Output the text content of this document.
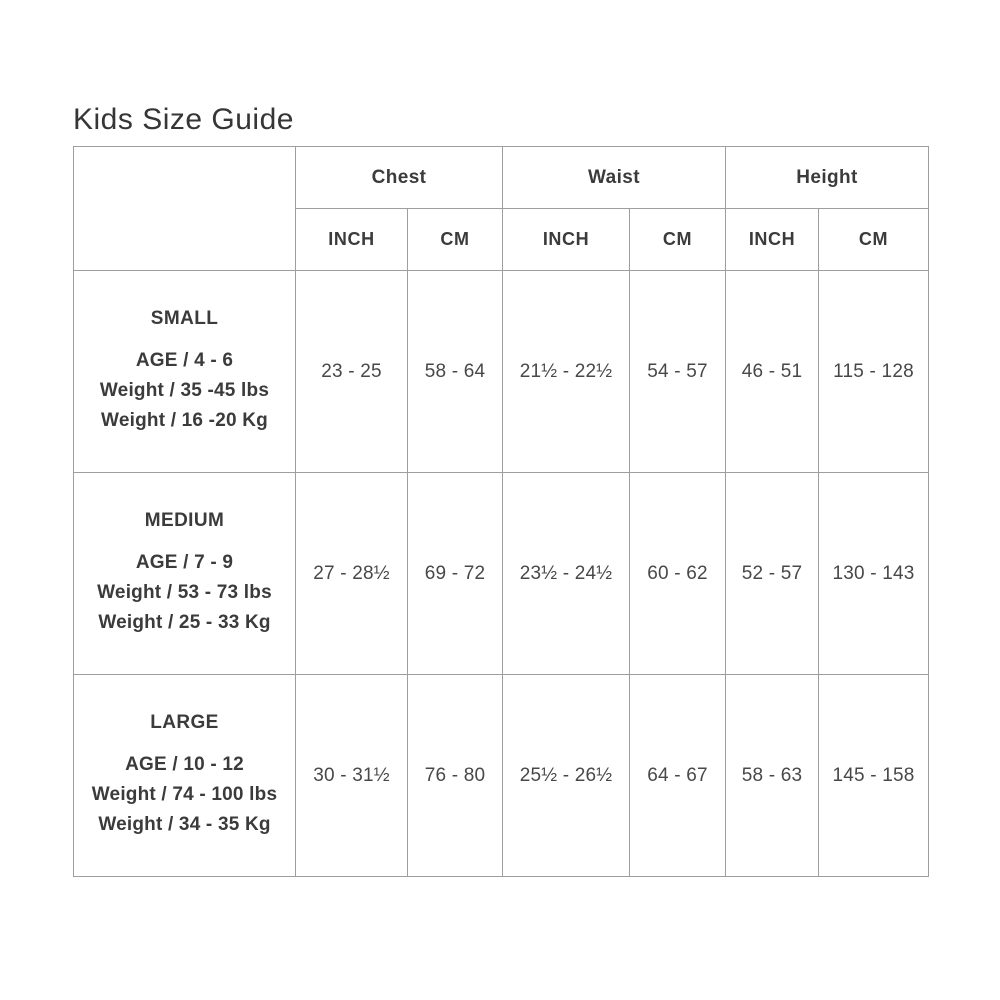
Kids Size Guide
	Chest		Waist		Height	
	INCH	CM	INCH	CM	INCH	CM

SMALL
AGE / 4 - 6
Weight / 35 -45 lbs
Weight / 16 -20 Kg	23 - 25	58 - 64	21½ - 22½	54 - 57	46 - 51	115 - 128

MEDIUM
AGE / 7 - 9
Weight / 53 - 73 lbs
Weight / 25 - 33 Kg	27 - 28½	69 - 72	23½ - 24½	60 - 62	52 - 57	130 - 143

LARGE
AGE / 10 - 12
Weight / 74 - 100 lbs
Weight / 34 - 35 Kg	30 - 31½	76 - 80	25½ - 26½	64 - 67	58 - 63	145 - 158
